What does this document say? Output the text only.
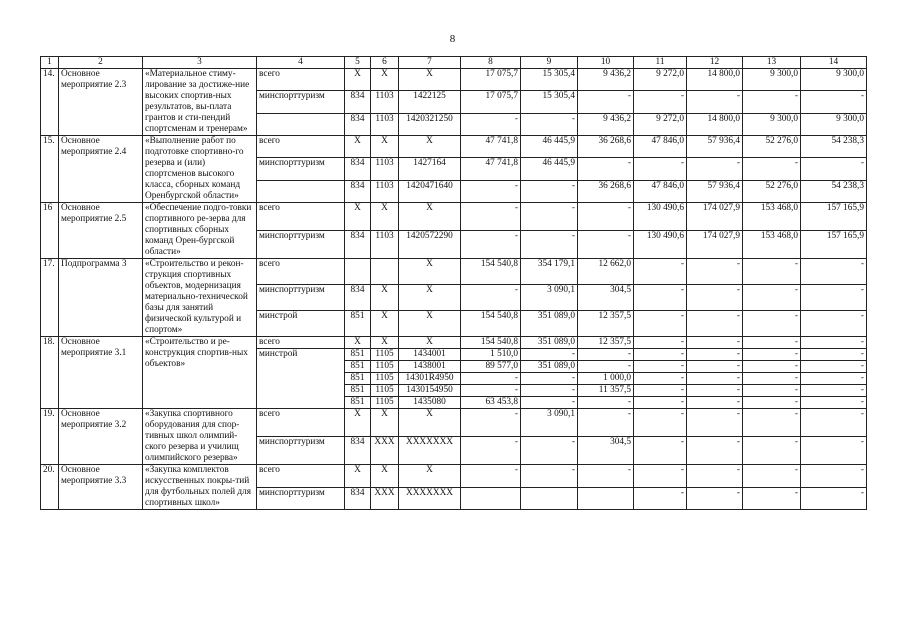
8
1	2	3	4	5	6	7	8	9	10	11	12	13	14
14.	Основное мероприятие 2.3	«Материальное стиму-лирование за достиже-ние высоких спортив-ных результатов, вы-плата грантов и сти-пендий спортсменам и тренерам»	всего	X	X	X	17 075,7	15 305,4	9 436,2	9 272,0	14 800,0	9 300,0	9 300,0
			минспорттуризм	834	1103	1422125	17 075,7	15 305,4	-	-	-	-	-
				834	1103	1420321250	-	-	9 436,2	9 272,0	14 800,0	9 300,0	9 300,0
15.	Основное мероприятие 2.4	«Выполнение работ по подготовке спортивно-го резерва и (или) спортсменов высокого класса, сборных команд Оренбургской области»	всего	X	X	X	47 741,8	46 445,9	36 268,6	47 846,0	57 936,4	52 276,0	54 238,3
			минспорттуризм	834	1103	1427164	47 741,8	46 445,9	-	-	-	-	-
				834	1103	1420471640	-	-	36 268,6	47 846,0	57 936,4	52 276,0	54 238,3
16	Основное мероприятие 2.5	«Обеспечение подго-товки спортивного ре-зерва для спортивных сборных команд Орен-бургской области»	всего	X	X	X	-	-	-	130 490,6	174 027,9	153 468,0	157 165,9
			минспорттуризм	834	1103	1420572290	-	-	-	130 490,6	174 027,9	153 468,0	157 165,9
17.	Подпрограмма 3	«Строительство и рекон-струкция спортивных объектов, модернизация материально-технической базы для занятий физической культурой и спортом»	всего			X	154 540,8	354 179,1	12 662,0	-	-	-	-
			минспорттуризм	834	X	X	-	3 090,1	304,5	-	-	-	-
			минстрой	851	X	X	154 540,8	351 089,0	12 357,5	-	-	-	-
18.	Основное мероприятие 3.1	«Строительство и ре-конструкция спортив-ных объектов»	всего	X	X	X	154 540,8	351 089,0	12 357,5	-	-	-	-
			минстрой	851	1105	1434001	1 510,0	-	-	-	-	-	-
				851	1105	1438001	89 577,0	351 089,0	-	-	-	-	-
				851	1105	14301R4950	-	-	1 000,0	-	-	-	-
				851	1105	1430154950	-	-	11 357,5	-	-	-	-
				851	1105	1435080	63 453,8	-	-	-	-	-	-
19.	Основное мероприятие 3.2	«Закупка спортивного оборудования для спор-тивных школ олимпий-ского резерва и училищ олимпийского резерва»	всего	X	X	X	-	3 090,1	-	-	-	-	-
			минспорттуризм	834	XXX	XXXXXXX	-	-	304,5	-	-	-	-
20.	Основное мероприятие 3.3	«Закупка комплектов искусственных покры-тий для футбольных полей для спортивных школ»	всего	X	X	X	-	-	-	-	-	-	-
			минспорттуризм	834	XXX	XXXXXXX				-	-	-	-
